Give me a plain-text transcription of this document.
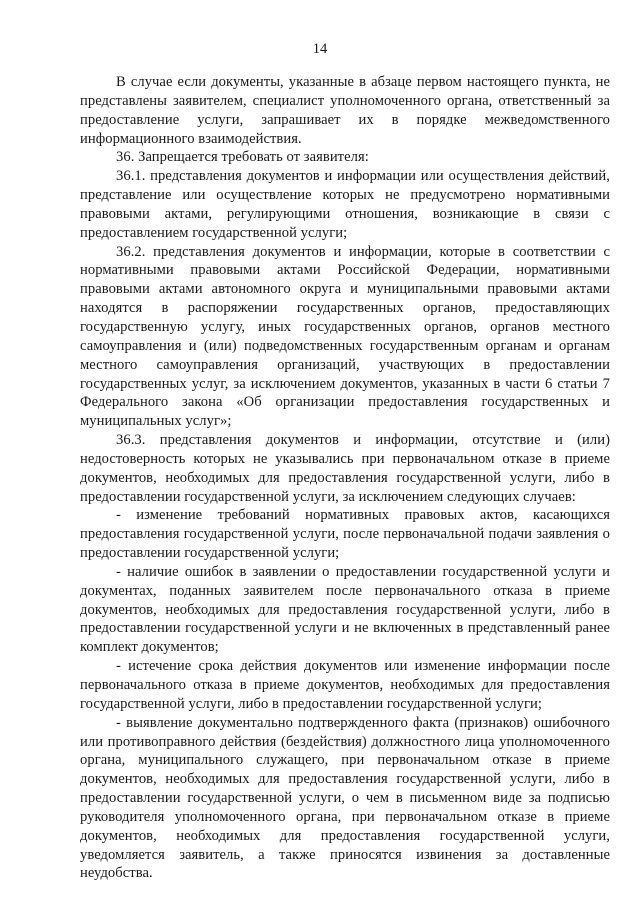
14

В случае если документы, указанные в абзаце первом настоящего пункта, не представлены заявителем, специалист уполномоченного органа, ответственный за предоставление услуги, запрашивает их в порядке межведомственного информационного взаимодействия.

36. Запрещается требовать от заявителя:

36.1. представления документов и информации или осуществления действий, представление или осуществление которых не предусмотрено нормативными правовыми актами, регулирующими отношения, возникающие в связи с предоставлением государственной услуги;

36.2. представления документов и информации, которые в соответствии с нормативными правовыми актами Российской Федерации, нормативными правовыми актами автономного округа и муниципальными правовыми актами находятся в распоряжении государственных органов, предоставляющих государственную услугу, иных государственных органов, органов местного самоуправления и (или) подведомственных государственным органам и органам местного самоуправления организаций, участвующих в предоставлении государственных услуг, за исключением документов, указанных в части 6 статьи 7 Федерального закона «Об организации предоставления государственных и муниципальных услуг»;

36.3. представления документов и информации, отсутствие и (или) недостоверность которых не указывались при первоначальном отказе в приеме документов, необходимых для предоставления государственной услуги, либо в предоставлении государственной услуги, за исключением следующих случаев:

- изменение требований нормативных правовых актов, касающихся предоставления государственной услуги, после первоначальной подачи заявления о предоставлении государственной услуги;

- наличие ошибок в заявлении о предоставлении государственной услуги и документах, поданных заявителем после первоначального отказа в приеме документов, необходимых для предоставления государственной услуги, либо в предоставлении государственной услуги и не включенных в представленный ранее комплект документов;

- истечение срока действия документов или изменение информации после первоначального отказа в приеме документов, необходимых для предоставления государственной услуги, либо в предоставлении государственной услуги;

- выявление документально подтвержденного факта (признаков) ошибочного или противоправного действия (бездействия) должностного лица уполномоченного органа, муниципального служащего, при первоначальном отказе в приеме документов, необходимых для предоставления государственной услуги, либо в предоставлении государственной услуги, о чем в письменном виде за подписью руководителя уполномоченного органа, при первоначальном отказе в приеме документов, необходимых для предоставления государственной услуги, уведомляется заявитель, а также приносятся извинения за доставленные неудобства.
